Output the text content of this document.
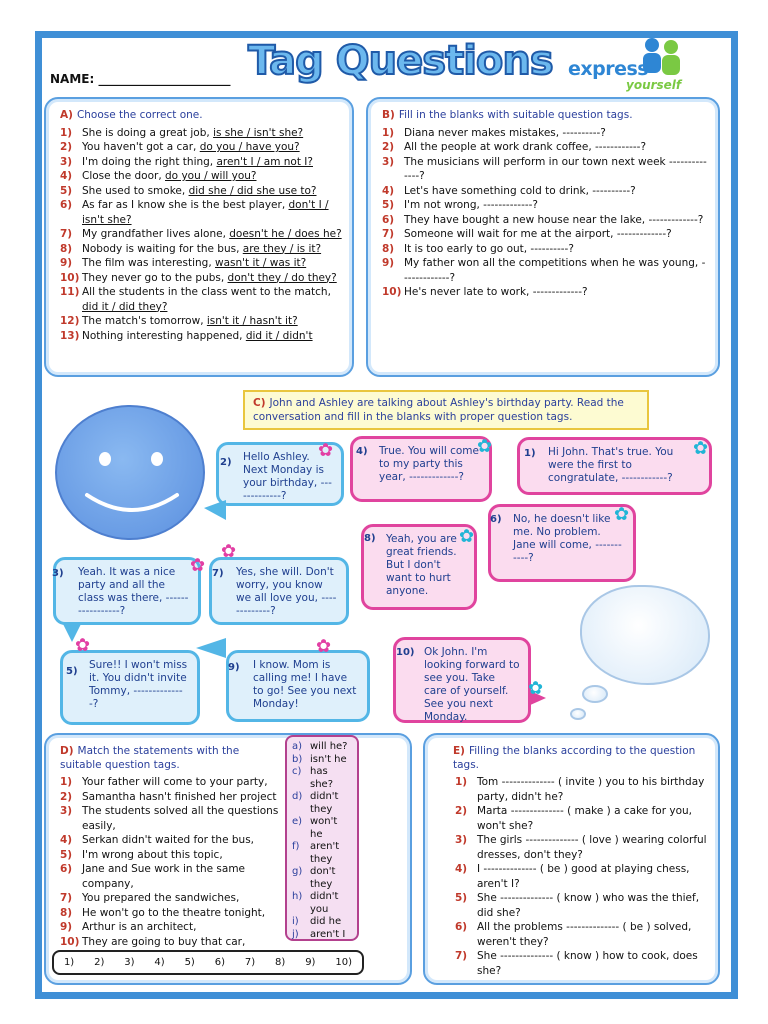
Tag Questions
NAME: ______________________	express
yourself
A) Choose the correct one.
1) She is doing a great job, is she / isn't she?
2) You haven't got a car, do you / have you?
3) I'm doing the right thing, aren't I / am not I?
4) Close the door, do you / will you?
5) She used to smoke, did she / did she use to?
6) As far as I know she is the best player, don't I / isn't she?
7) My grandfather lives alone, doesn't he / does he?
8) Nobody is waiting for the bus, are they / is it?
9) The film was interesting, wasn't it / was it?
10) They never go to the pubs, don't they / do they?
11) All the students in the class went to the match, did it / did they?
12) The match's tomorrow, isn't it / hasn't it?
13) Nothing interesting happened, did it / didn't
B) Fill in the blanks with suitable question tags.
1) Diana never makes mistakes, ----------?
2) All the people at work drank coffee, ------------?
3) The musicians will perform in our town next week --------------?
4) Let's have something cold to drink, ----------?
5) I'm not wrong, -------------?
6) They have bought a new house near the lake, -------------?
7) Someone will wait for me at the airport, -------------?
8) It is too early to go out, ----------?
9) My father won all the competitions when he was young, -------------?
10) He's never late to work, -------------?
C) John and Ashley are talking about Ashley's birthday party. Read the conversation and fill in the blanks with proper question tags.
Hello Ashley. Next Monday is your birthday, -------------?
2)
Yeah. It was a nice party and all the class was there, -----------------?
3)	Yes, she will. Don't worry, you know we all love you, -------------?
7)
Sure!! I won't miss it. You didn't invite Tommy, --------------?
5)
I know. Mom is calling me! I have to go! See you next Monday!
9)
True. You will come to my party this year, -------------?
4)	Hi John. That's true. You were the first to congratulate, ------------?
1)
Yeah, you are great friends. But I don't want to hurt anyone.
8)
No, he doesn't like me. No problem. Jane will come, -----------?
6)
Ok John. I'm looking forward to see you. Take care of yourself. See you next Monday.
10)
✿	✿	✿
✿
✿
✿
✿
✿	✿
✿
D) Match the statements with the suitable question tags.
1) Your father will come to your party,
2) Samantha hasn't finished her project
3) The students solved all the questions easily,
4) Serkan didn't waited for the bus,
5) I'm wrong about this topic,
6) Jane and Sue work in the same company,
7) You prepared the sandwiches,
8) He won't go to the theatre tonight,
9) Arthur is an architect,
10) They are going to buy that car,
a) will he?
b) isn't he
c) has she?
d) didn't they
e) won't he
f)	aren't they
g) don't they
h) didn't you
i)	did he
j)	aren't I
1) 2) 3) 4) 5) 6) 7) 8) 9) 10)
E) Filling the blanks according to the question tags.
1) Tom -------------- ( invite ) you to his birthday party, didn't he?
2) Marta -------------- ( make ) a cake for you, won't she?
3) The girls -------------- ( love ) wearing colorful dresses, don't they?
4) I -------------- ( be ) good at playing chess, aren't I?
5) She -------------- ( know ) who was the thief, did she?
6) All the problems -------------- ( be ) solved, weren't they?
7) She -------------- ( know ) how to cook, does she?
